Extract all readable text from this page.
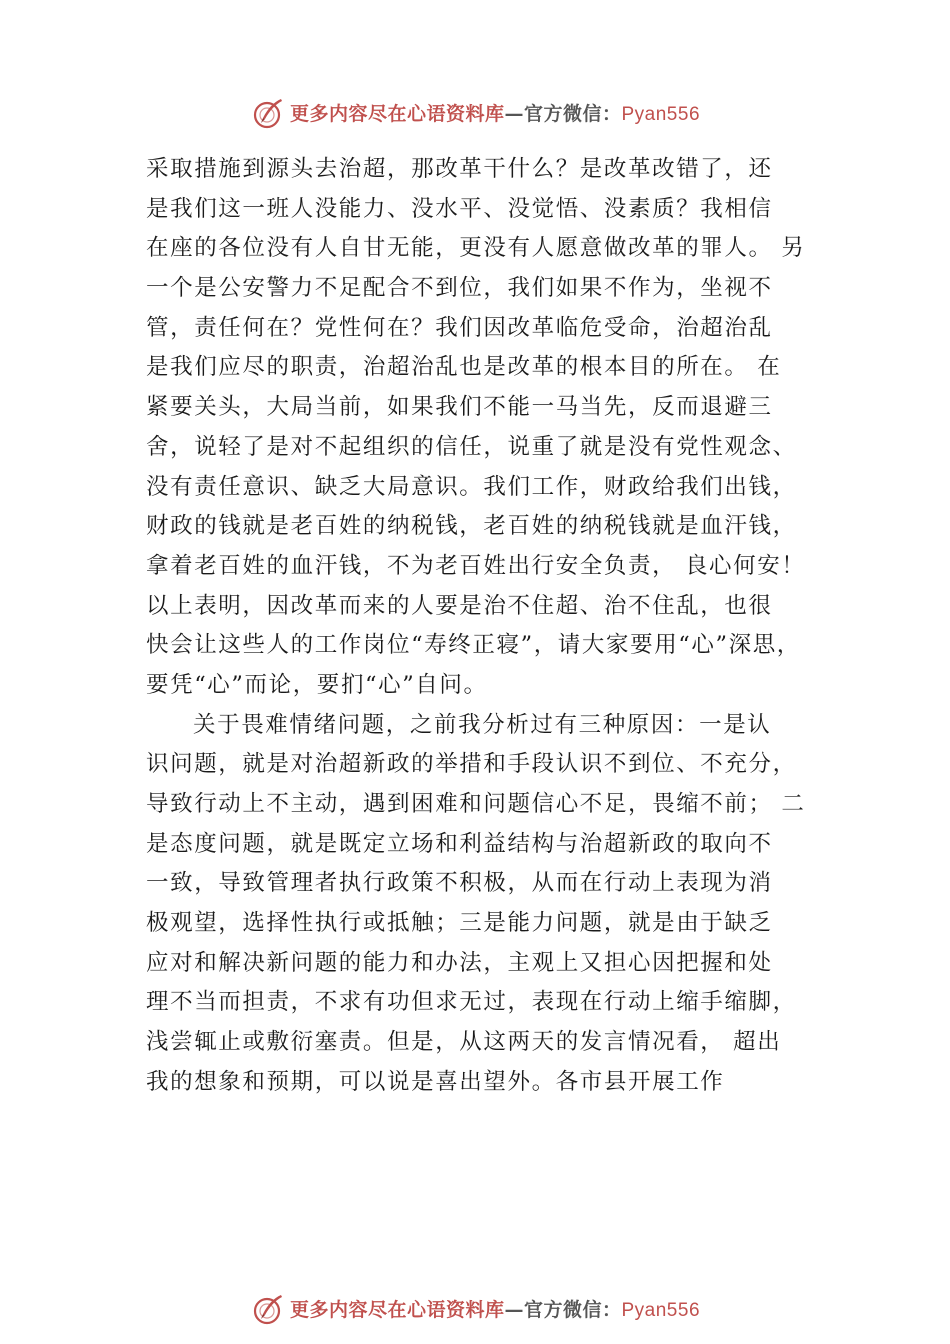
更多内容尽在心语资料库—官方微信：Pyan556
采取措施到源头去治超，那改革干什么？是改革改错了，还
是我们这一班人没能力、没水平、没觉悟、没素质？我相信
在座的各位没有人自甘无能，更没有人愿意做改革的罪人。 另
一个是公安警力不足配合不到位，我们如果不作为，坐视不
管，责任何在？党性何在？我们因改革临危受命，治超治乱
是我们应尽的职责，治超治乱也是改革的根本目的所在。 在
紧要关头，大局当前，如果我们不能一马当先，反而退避三
舍，说轻了是对不起组织的信任，说重了就是没有党性观念、
没有责任意识、缺乏大局意识。我们工作，财政给我们出钱，
财政的钱就是老百姓的纳税钱，老百姓的纳税钱就是血汗钱，
拿着老百姓的血汗钱，不为老百姓出行安全负责， 良心何安！
以上表明，因改革而来的人要是治不住超、治不住乱，也很
快会让这些人的工作岗位“寿终正寝”，请大家要用“心”深思，
要凭“心”而论，要扪“心”自问。
关于畏难情绪问题，之前我分析过有三种原因：一是认
识问题，就是对治超新政的举措和手段认识不到位、不充分，
导致行动上不主动，遇到困难和问题信心不足，畏缩不前； 二
是态度问题，就是既定立场和利益结构与治超新政的取向不
一致，导致管理者执行政策不积极，从而在行动上表现为消
极观望，选择性执行或抵触；三是能力问题，就是由于缺乏
应对和解决新问题的能力和办法，主观上又担心因把握和处
理不当而担责，不求有功但求无过，表现在行动上缩手缩脚，
浅尝辄止或敷衍塞责。但是，从这两天的发言情况看， 超出
我的想象和预期，可以说是喜出望外。各市县开展工作
更多内容尽在心语资料库—官方微信：Pyan556
